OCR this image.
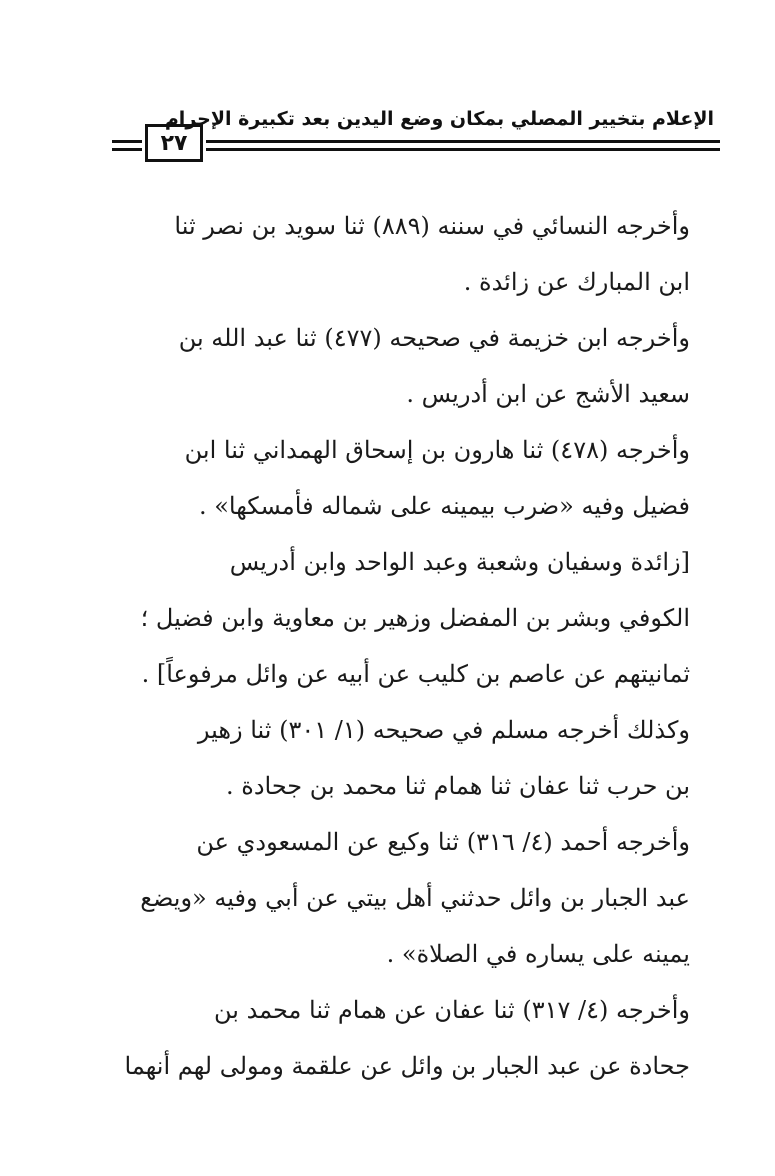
الإعلام بتخيير المصلي بمكان وضع اليدين بعد تكبيرة الإحرام
٢٧

وأخرجه النسائي في سننه (٨٨٩) ثنا سويد بن نصر ثنا
ابن المبارك عن زائدة .

وأخرجه ابن خزيمة في صحيحه (٤٧٧) ثنا عبد الله بن
سعيد الأشج عن ابن أدريس .

وأخرجه (٤٧٨) ثنا هارون بن إسحاق الهمداني ثنا ابن
فضيل وفيه «ضرب بيمينه على شماله فأمسكها» .

[زائدة وسفيان وشعبة وعبد الواحد وابن أدريس
الكوفي وبشر بن المفضل وزهير بن معاوية وابن فضيل ؛
ثمانيتهم عن عاصم بن كليب عن أبيه عن وائل مرفوعاً] .

وكذلك أخرجه مسلم في صحيحه (١/ ٣٠١) ثنا زهير
بن حرب ثنا عفان ثنا همام ثنا محمد بن جحادة .

وأخرجه أحمد (٤/ ٣١٦) ثنا وكيع عن المسعودي عن
عبد الجبار بن وائل حدثني أهل بيتي عن أبي وفيه «ويضع
يمينه على يساره في الصلاة» .

وأخرجه (٤/ ٣١٧) ثنا عفان عن همام ثنا محمد بن
جحادة عن عبد الجبار بن وائل عن علقمة ومولى لهم أنهما
